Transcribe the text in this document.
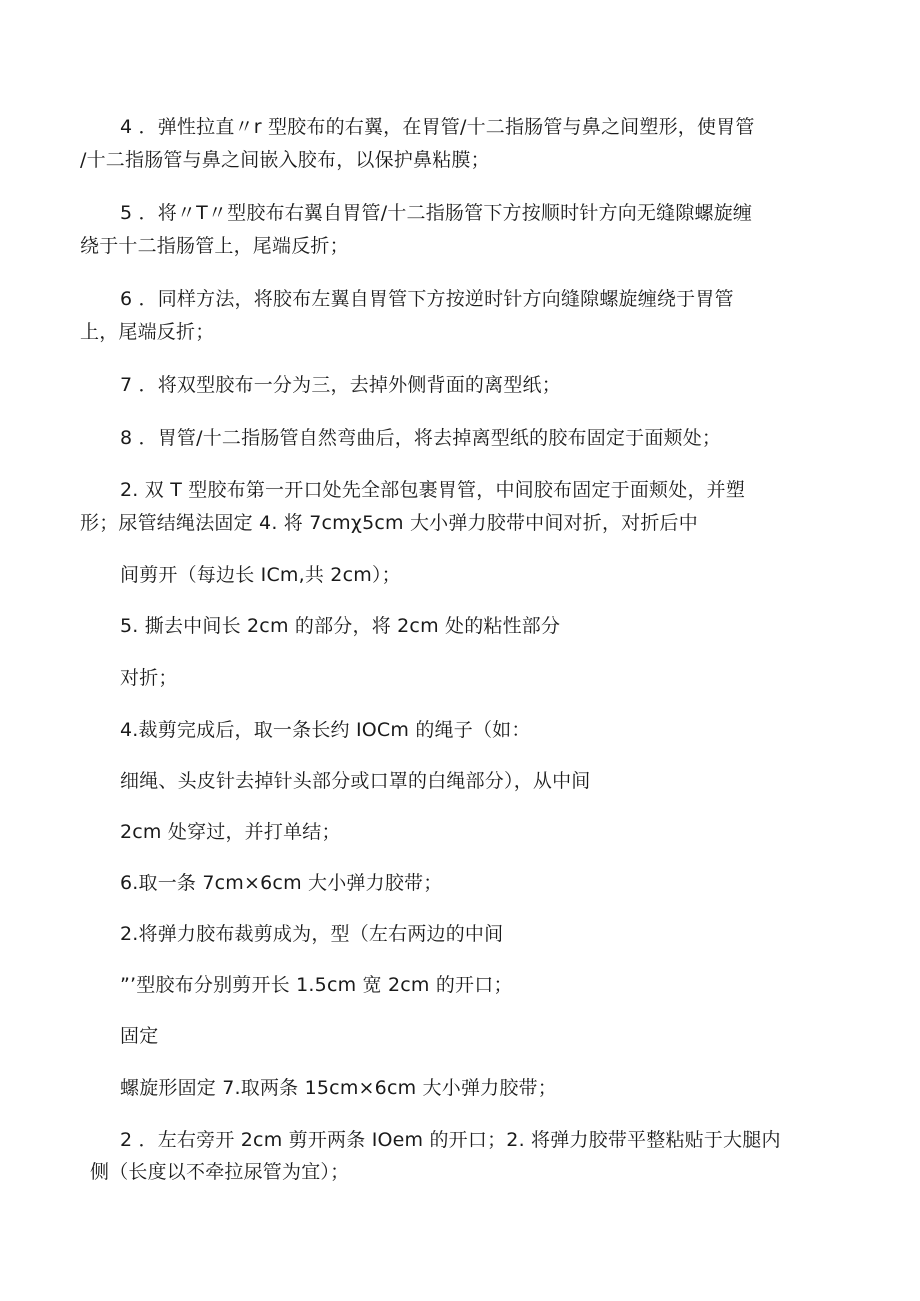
4 ．弹性拉直〃r 型胶布的右翼，在胃管/十二指肠管与鼻之间塑形，使胃管

/十二指肠管与鼻之间嵌入胶布，以保护鼻粘膜；

5 ．将〃T〃型胶布右翼自胃管/十二指肠管下方按顺时针方向无缝隙螺旋缠

绕于十二指肠管上，尾端反折；

6 ．同样方法，将胶布左翼自胃管下方按逆时针方向缝隙螺旋缠绕于胃管

上，尾端反折；

7 ．将双型胶布一分为三，去掉外侧背面的离型纸；

8 ．胃管/十二指肠管自然弯曲后，将去掉离型纸的胶布固定于面颊处；

2. 双 T 型胶布第一开口处先全部包裹胃管，中间胶布固定于面颊处，并塑

形；尿管结绳法固定 4. 将 7cmχ5cm 大小弹力胶带中间对折，对折后中

间剪开（每边长 ICm,共 2cm）；

5. 撕去中间长 2cm 的部分，将 2cm 处的粘性部分

对折；

4.裁剪完成后，取一条长约 IOCm 的绳子（如：

细绳、头皮针去掉针头部分或口罩的白绳部分），从中间

2cm 处穿过，并打单结；

6.取一条 7cm×6cm 大小弹力胶带；

2.将弹力胶布裁剪成为，型（左右两边的中间

”’型胶布分别剪开长 1.5cm 宽 2cm 的开口；

固定

螺旋形固定 7.取两条 15cm×6cm 大小弹力胶带；

2 ．左右旁开 2cm 剪开两条 IOem 的开口；2. 将弹力胶带平整粘贴于大腿内

侧（长度以不牵拉尿管为宜）；
